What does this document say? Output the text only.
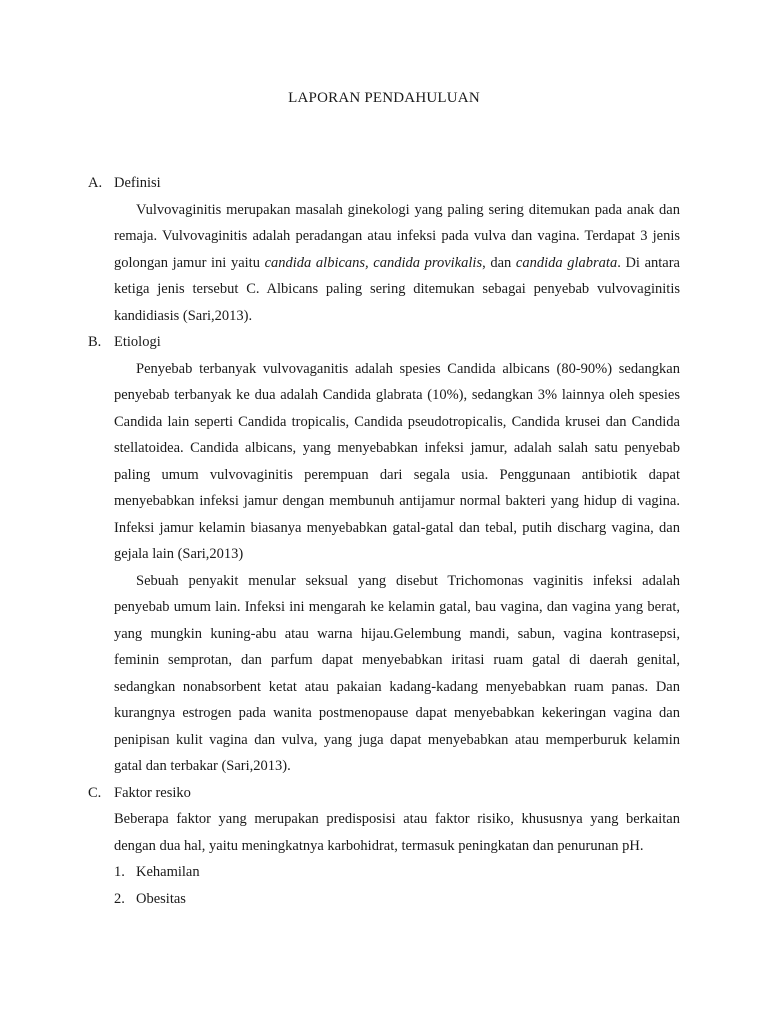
LAPORAN PENDAHULUAN
A. Definisi

Vulvovaginitis merupakan masalah ginekologi yang paling sering ditemukan pada anak dan remaja. Vulvovaginitis adalah peradangan atau infeksi pada vulva dan vagina. Terdapat 3 jenis golongan jamur ini yaitu candida albicans, candida provikalis, dan candida glabrata. Di antara ketiga jenis tersebut C. Albicans paling sering ditemukan sebagai penyebab vulvovaginitis kandidiasis (Sari,2013).

B. Etiologi

Penyebab terbanyak vulvovaganitis adalah spesies Candida albicans (80-90%) sedangkan penyebab terbanyak ke dua adalah Candida glabrata (10%), sedangkan 3% lainnya oleh spesies Candida lain seperti Candida tropicalis, Candida pseudotropicalis, Candida krusei dan Candida stellatoidea. Candida albicans, yang menyebabkan infeksi jamur, adalah salah satu penyebab paling umum vulvovaginitis perempuan dari segala usia. Penggunaan antibiotik dapat menyebabkan infeksi jamur dengan membunuh antijamur normal bakteri yang hidup di vagina. Infeksi jamur kelamin biasanya menyebabkan gatal-gatal dan tebal, putih discharg vagina, dan gejala lain (Sari,2013)

Sebuah penyakit menular seksual yang disebut Trichomonas vaginitis infeksi adalah penyebab umum lain. Infeksi ini mengarah ke kelamin gatal, bau vagina, dan vagina yang berat, yang mungkin kuning-abu atau warna hijau.Gelembung mandi, sabun, vagina kontrasepsi, feminin semprotan, dan parfum dapat menyebabkan iritasi ruam gatal di daerah genital, sedangkan nonabsorbent ketat atau pakaian kadang-kadang menyebabkan ruam panas. Dan kurangnya estrogen pada wanita postmenopause dapat menyebabkan kekeringan vagina dan penipisan kulit vagina dan vulva, yang juga dapat menyebabkan atau memperburuk kelamin gatal dan terbakar (Sari,2013).

C. Faktor resiko

Beberapa faktor yang merupakan predisposisi atau faktor risiko, khususnya yang berkaitan dengan dua hal, yaitu meningkatnya karbohidrat, termasuk peningkatan dan penurunan pH.

1. Kehamilan
2. Obesitas
